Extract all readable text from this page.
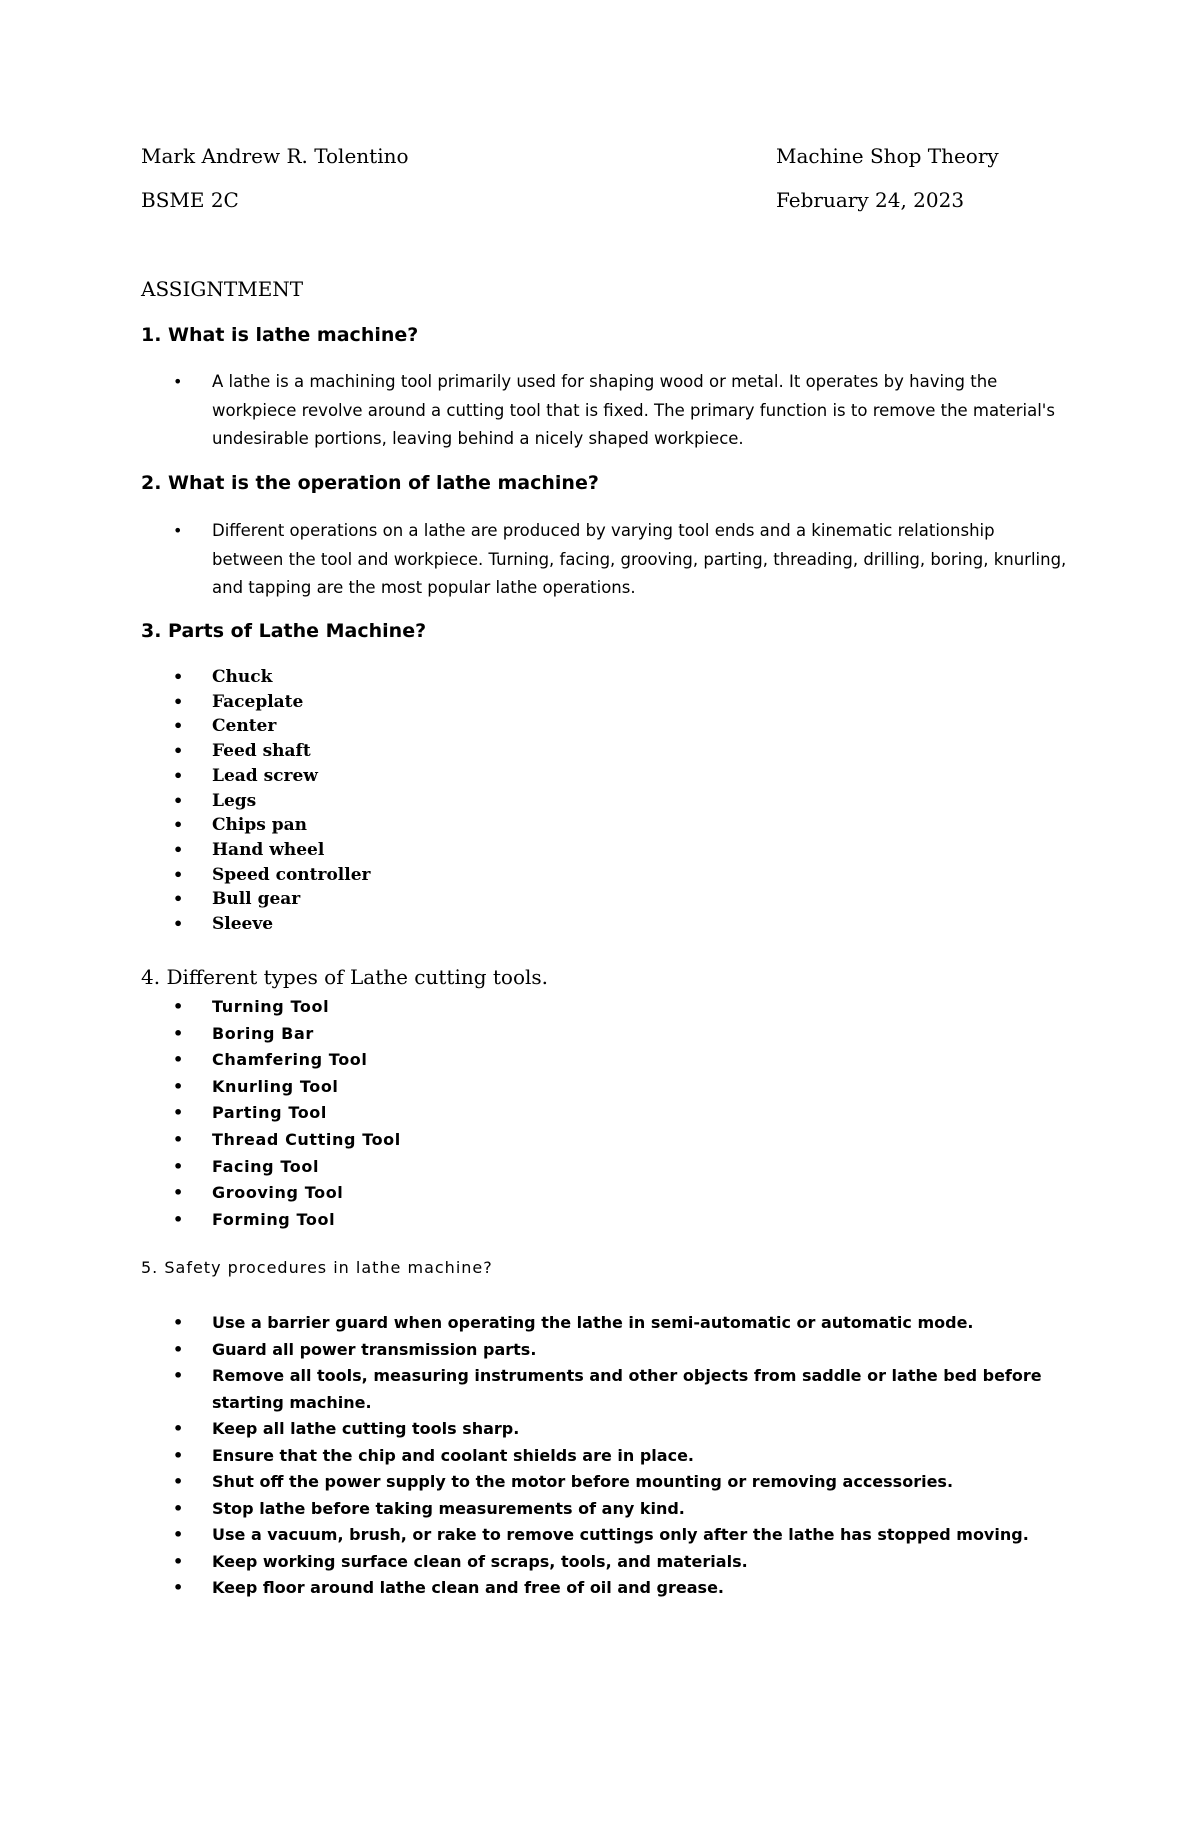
Mark Andrew R. Tolentino	Machine Shop Theory
BSME 2C	February 24, 2023
ASSIGNTMENT
1. What is lathe machine?
• A lathe is a machining tool primarily used for shaping wood or metal. It operates by having the workpiece revolve around a cutting tool that is fixed. The primary function is to remove the material's undesirable portions, leaving behind a nicely shaped workpiece.
2. What is the operation of lathe machine?
• Different operations on a lathe are produced by varying tool ends and a kinematic relationship between the tool and workpiece. Turning, facing, grooving, parting, threading, drilling, boring, knurling, and tapping are the most popular lathe operations.
3. Parts of Lathe Machine?
• Chuck
• Faceplate
• Center
• Feed shaft
• Lead screw
• Legs
• Chips pan
• Hand wheel
• Speed controller
• Bull gear
• Sleeve
4. Different types of Lathe cutting tools.
• Turning Tool
• Boring Bar
• Chamfering Tool
• Knurling Tool
• Parting Tool
• Thread Cutting Tool
• Facing Tool
• Grooving Tool
• Forming Tool
5. Safety procedures in lathe machine?
• Use a barrier guard when operating the lathe in semi-automatic or automatic mode.
• Guard all power transmission parts.
• Remove all tools, measuring instruments and other objects from saddle or lathe bed before starting machine.
• Keep all lathe cutting tools sharp.
• Ensure that the chip and coolant shields are in place.
• Shut off the power supply to the motor before mounting or removing accessories.
• Stop lathe before taking measurements of any kind.
• Use a vacuum, brush, or rake to remove cuttings only after the lathe has stopped moving.
• Keep working surface clean of scraps, tools, and materials.
• Keep floor around lathe clean and free of oil and grease.
